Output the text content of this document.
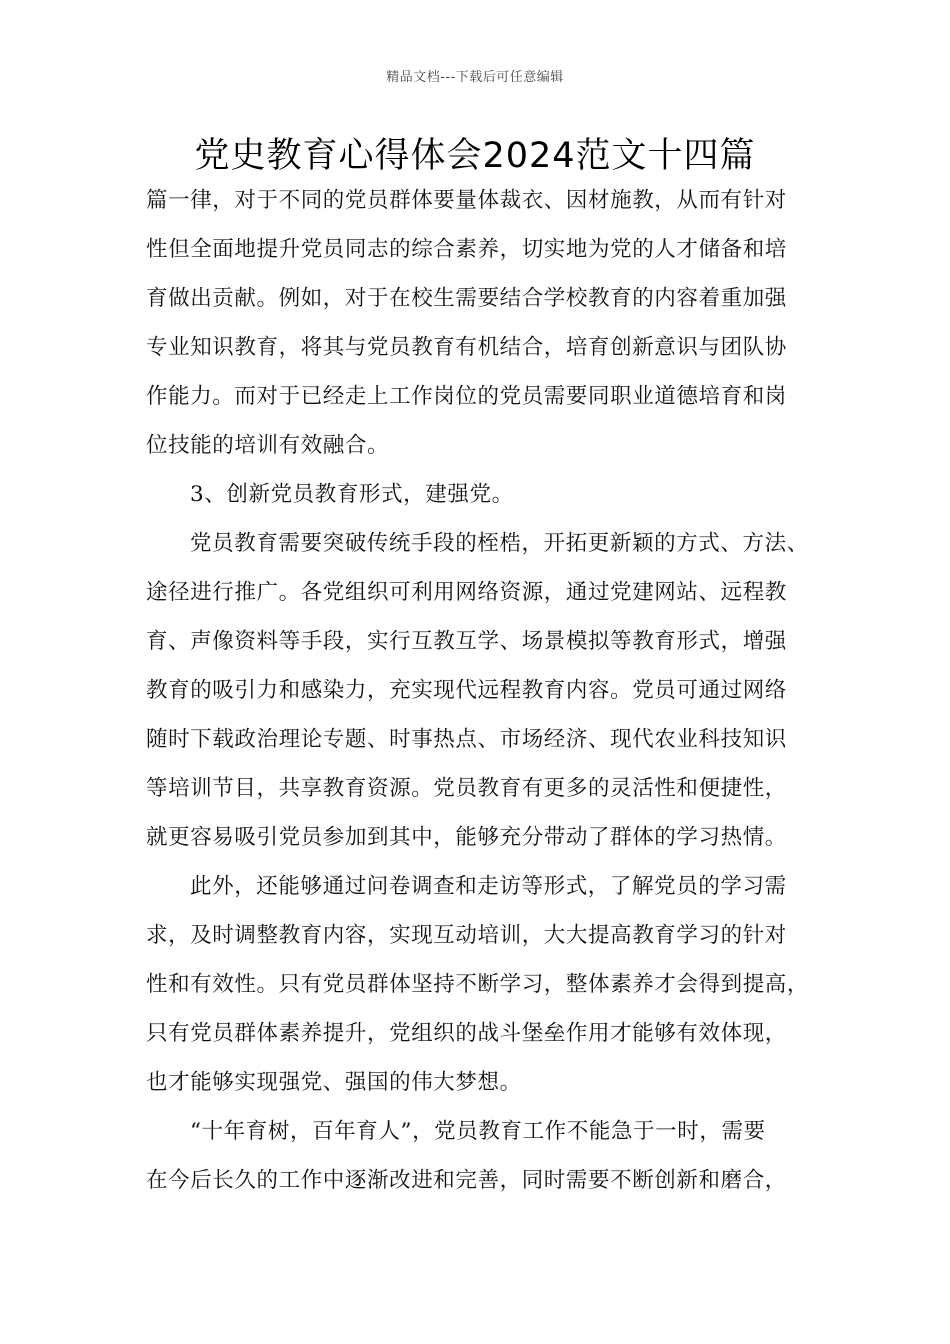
精品文档---下载后可任意编辑
党史教育心得体会2024范文十四篇
篇一律，对于不同的党员群体要量体裁衣、因材施教，从而有针对
性但全面地提升党员同志的综合素养，切实地为党的人才储备和培
育做出贡献。例如，对于在校生需要结合学校教育的内容着重加强
专业知识教育，将其与党员教育有机结合，培育创新意识与团队协
作能力。而对于已经走上工作岗位的党员需要同职业道德培育和岗
位技能的培训有效融合。
3、创新党员教育形式，建强党。
党员教育需要突破传统手段的桎梏，开拓更新颖的方式、方法、
途径进行推广。各党组织可利用网络资源，通过党建网站、远程教
育、声像资料等手段，实行互教互学、场景模拟等教育形式，增强
教育的吸引力和感染力，充实现代远程教育内容。党员可通过网络
随时下载政治理论专题、时事热点、市场经济、现代农业科技知识
等培训节目，共享教育资源。党员教育有更多的灵活性和便捷性，
就更容易吸引党员参加到其中，能够充分带动了群体的学习热情。
此外，还能够通过问卷调查和走访等形式，了解党员的学习需
求，及时调整教育内容，实现互动培训，大大提高教育学习的针对
性和有效性。只有党员群体坚持不断学习，整体素养才会得到提高，
只有党员群体素养提升，党组织的战斗堡垒作用才能够有效体现，
也才能够实现强党、强国的伟大梦想。
“十年育树，百年育人”，党员教育工作不能急于一时，需要
在今后长久的工作中逐渐改进和完善，同时需要不断创新和磨合，
